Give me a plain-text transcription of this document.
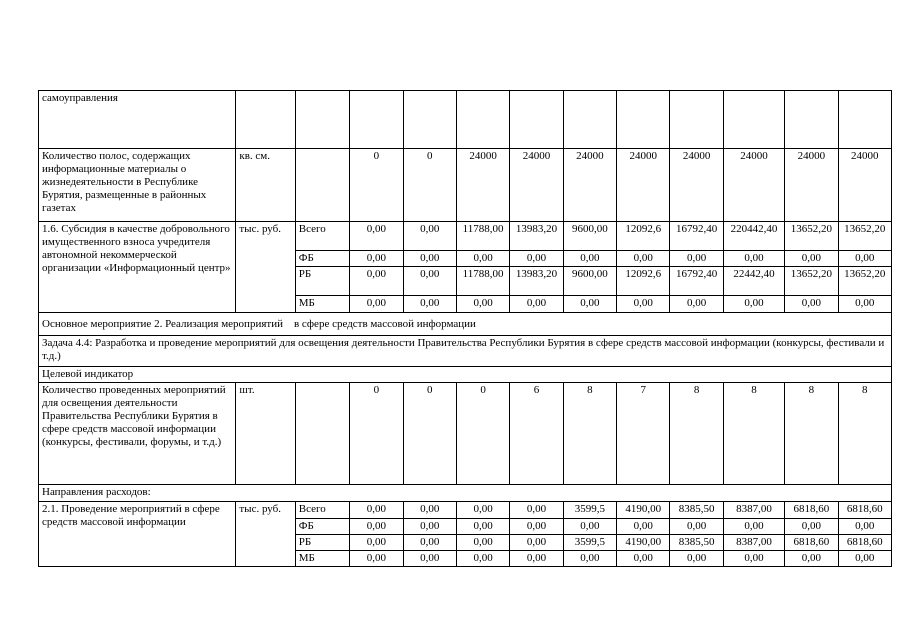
самоуправления												
Количество полос, содержащих информационные материалы о жизнедеятельности в Республике Бурятия, размещенные в районных газетах	кв. см.		0	0	24000	24000	24000	24000	24000	24000	24000	24000
1.6. Субсидия в качестве добровольного имущественного взноса учредителя автономной некоммерческой организации «Информационный центр»	тыс. руб.	Всего	0,00	0,00	11788,00	13983,20	9600,00	12092,6	16792,40	220442,40	13652,20	13652,20
		ФБ	0,00	0,00	0,00	0,00	0,00	0,00	0,00	0,00	0,00	0,00
		РБ	0,00	0,00	11788,00	13983,20	9600,00	12092,6	16792,40	22442,40	13652,20	13652,20
		МБ	0,00	0,00	0,00	0,00	0,00	0,00	0,00	0,00	0,00	0,00
Основное мероприятие 2. Реализация мероприятий    в сфере средств массовой информации												
Задача 4.4: Разработка и проведение мероприятий для освещения деятельности Правительства Республики Бурятия в сфере средств массовой информации (конкурсы, фестивали и т.д.)												
Целевой индикатор												
Количество проведенных мероприятий для освещения деятельности Правительства Республики Бурятия в сфере средств массовой информации (конкурсы, фестивали, форумы, и т.д.)	шт.		0	0	0	6	8	7	8	8	8	8
Направления расходов:												
2.1. Проведение мероприятий в сфере средств массовой информации	тыс. руб.	Всего	0,00	0,00	0,00	0,00	3599,5	4190,00	8385,50	8387,00	6818,60	6818,60
		ФБ	0,00	0,00	0,00	0,00	0,00	0,00	0,00	0,00	0,00	0,00
		РБ	0,00	0,00	0,00	0,00	3599,5	4190,00	8385,50	8387,00	6818,60	6818,60
		МБ	0,00	0,00	0,00	0,00	0,00	0,00	0,00	0,00	0,00	0,00
